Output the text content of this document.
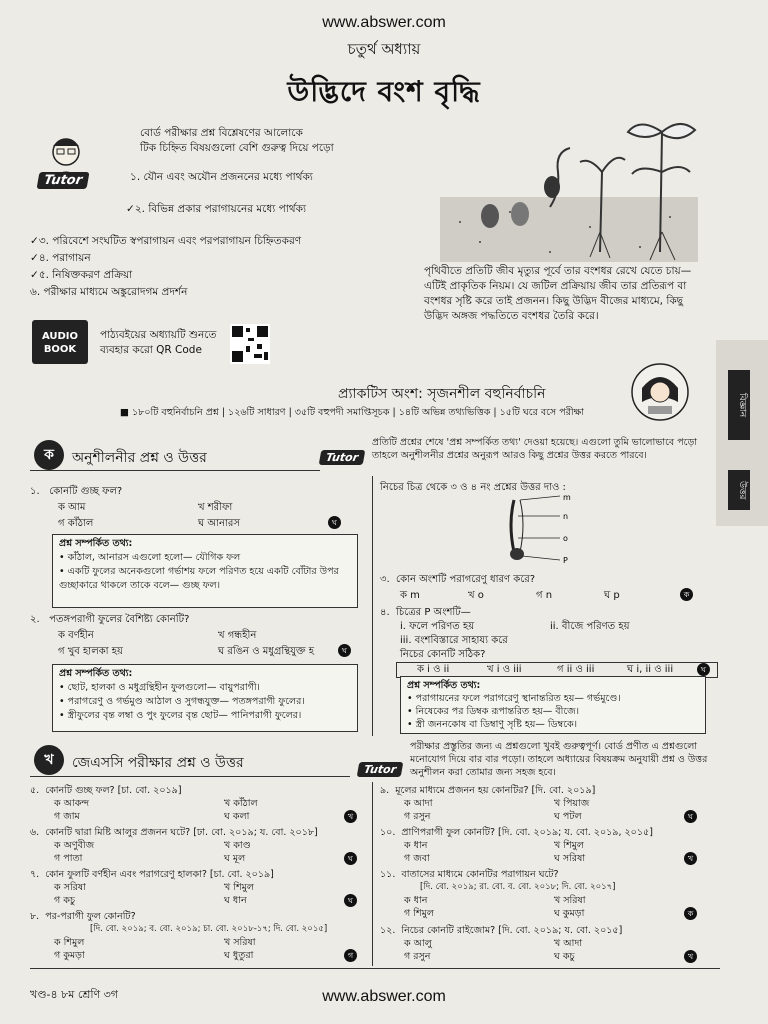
www.abswer.com
চতুর্থ অধ্যায়
উদ্ভিদে বংশ বৃদ্ধি
Tutor
বোর্ড পরীক্ষার প্রশ্ন বিশ্লেষণের আলোকে
টিক চিহ্নিত বিষয়গুলো বেশি গুরুত্ব দিয়ে পড়ো
১. যৌন এবং অযৌন প্রজননের মধ্যে পার্থক্য
✓২. বিভিন্ন প্রকার পরাগায়নের মধ্যে পার্থক্য
✓৩. পরিবেশে সংঘটিত স্বপরাগায়ন এবং পরপরাগায়ন চিহ্নিতকরণ
✓৪. পরাগায়ন
✓৫. নিষিক্তকরণ প্রক্রিয়া
৬. পরীক্ষার মাধ্যমে অঙ্কুরোদগম প্রদর্শন
AUDIO
BOOK
পাঠ্যবইয়ের অধ্যায়টি শুনতে
ব্যবহার করো QR Code
পৃথিবীতে প্রতিটি জীব মৃত্যুর পূর্বে তার বংশধর রেখে যেতে চায়— এটিই প্রাকৃতিক নিয়ম। যে জটিল প্রক্রিয়ায় জীব তার প্রতিরূপ বা বংশধর সৃষ্টি করে তাই প্রজনন। কিছু উদ্ভিদ বীজের মাধ্যমে, কিছু উদ্ভিদ অঙ্গজ পদ্ধতিতে বংশধর তৈরি করে।
প্র্যাকটিস অংশ: সৃজনশীল বহুনির্বাচনি
■ ১৮০টি বহুনির্বাচনি প্রশ্ন | ১২৬টি সাধারণ | ৩৫টি বহুপদী সমাপ্তিসূচক | ১৪টি অভিন্ন তথ্যভিত্তিক | ১৫টি ঘরে বসে পরীক্ষা	বিজ্ঞান
উত্তর
ক	অনুশীলনীর প্রশ্ন ও উত্তর	Tutor
প্রতিটি প্রশ্নের শেষে 'প্রশ্ন সম্পর্কিত তথ্য' দেওয়া হয়েছে। এগুলো তুমি ভালোভাবে পড়ো তাহলে অনুশীলনীর প্রশ্নের অনুরূপ আরও কিছু প্রশ্নের উত্তর করতে পারবে।
১. কোনটি গুচ্ছ ফল?
ক আম	খ শরীফা
গ কাঁঠাল	ঘ আনারস	ঘ
প্রশ্ন সম্পর্কিত তথ্য:
• কাঁঠাল, আনারস এগুলো হলো— যৌগিক ফল
• একটি ফুলের অনেকগুলো গর্ভাশয় ফলে পরিণত হয়ে একটি বোঁটার উপর গুচ্ছাকারে থাকলে তাকে বলে— গুচ্ছ ফল।
২. পতঙ্গপরাগী ফুলের বৈশিষ্ট্য কোনটি?
ক বর্ণহীন	খ গন্ধহীন
গ খুব হালকা হয়	ঘ রঙিন ও মধুগ্রন্থিযুক্ত হ	ঘ
প্রশ্ন সম্পর্কিত তথ্য:
• ছোট, হালকা ও মধুগ্রন্থিহীন ফুলগুলো— বায়ুপরাগী।
• পরাগরেণু ও গর্ভমুণ্ড আঠাল ও সুগন্ধযুক্ত— পতঙ্গপরাগী ফুলের।
• স্ত্রীফুলের বৃন্ত লম্বা ও পুং ফুলের বৃন্ত ছোট— পানিপরাগী ফুলের।
নিচের চিত্র থেকে ৩ ও ৪ নং প্রশ্নের উত্তর দাও :
m
n
o
P
৩. কোন অংশটি পরাগরেণু ধারণ করে?
ক m	খ o	গ n	ঘ p	ক
৪. চিত্রের P অংশটি—
i. ফলে পরিণত হয়	ii. বীজে পরিণত হয়
iii. বংশবিস্তারে সাহায্য করে
নিচের কোনটি সঠিক?
ক i ও ii	খ i ও iii	গ ii ও iii	ঘ i, ii ও iii	ঘ
প্রশ্ন সম্পর্কিত তথ্য:
• পরাগায়নের ফলে পরাগরেণু স্থানান্তরিত হয়— গর্ভমুণ্ডে।
• নিষেকের পর ডিম্বক রূপান্তরিত হয়— বীজে।
• স্ত্রী জননকোষ বা ডিম্বাণু সৃষ্টি হয়— ডিম্বকে।
খ	জেএসসি পরীক্ষার প্রশ্ন ও উত্তর	Tutor
পরীক্ষার প্রস্তুতির জন্য এ প্রশ্নগুলো খুবই গুরুত্বপূর্ণ। বোর্ড প্রণীত এ প্রশ্নগুলো মনোযোগ দিয়ে বার বার পড়ো। তাহলে অধ্যায়ের বিষয়ক্রম অনুযায়ী প্রশ্ন ও উত্তর অনুশীলন করা তোমার জন্য সহজ হবে।
৫. কোনটি গুচ্ছ ফল? [চা. বো. ২০১৯]
ক আকন্দ	খ কাঁঠাল
গ জাম	ঘ কলা	খ
৬. কোনটি দ্বারা মিষ্টি আলুর প্রজনন ঘটে? [ঢা. বো. ২০১৯; য. বো. ২০১৮]
ক অণুবীজ	খ কাণ্ড
গ পাতা	ঘ মূল	ঘ
৭. কোন ফুলটি বর্ণহীন এবং পরাগরেণু হালকা? [চা. বো. ২০১৯]
ক সরিষা	খ শিমুল
গ কচু	ঘ ধান	ঘ
৮. পর-পরাগী ফুল কোনটি?
[দি. বো. ২০১৯; ব. বো. ২০১৯; চা. বো. ২০১৮-১৭; দি. বো. ২০১৫]
ক শিমুল	খ সরিষা
গ কুমড়া	ঘ ধুতুরা	গ
৯. মূলের মাধ্যমে প্রজনন হয় কোনটির? [দি. বো. ২০১৯]
ক আদা	খ পিয়াজ
গ রসুন	ঘ পটল	ঘ
১০. প্রাণিপরাগী ফুল কোনটি? [দি. বো. ২০১৯; য. বো. ২০১৯, ২০১৫]
ক ধান	খ শিমুল
গ জবা	ঘ সরিষা	খ
১১. বাতাসের মাধ্যমে কোনটির পরাগায়ন ঘটে?
[দি. বো. ২০১৯; রা. বো. ব. বো. ২০১৮; দি. বো. ২০১৭]
ক ধান	খ সরিষা
গ শিমুল	ঘ কুমড়া	ক
১২. নিচের কোনটি রাইজোম? [দি. বো. ২০১৯; য. বো. ২০১৫]
ক আলু	খ আদা
গ রসুন	ঘ কচু	খ
খণ্ড-৪ ৮ম শ্রেণি ৩গ	www.abswer.com
